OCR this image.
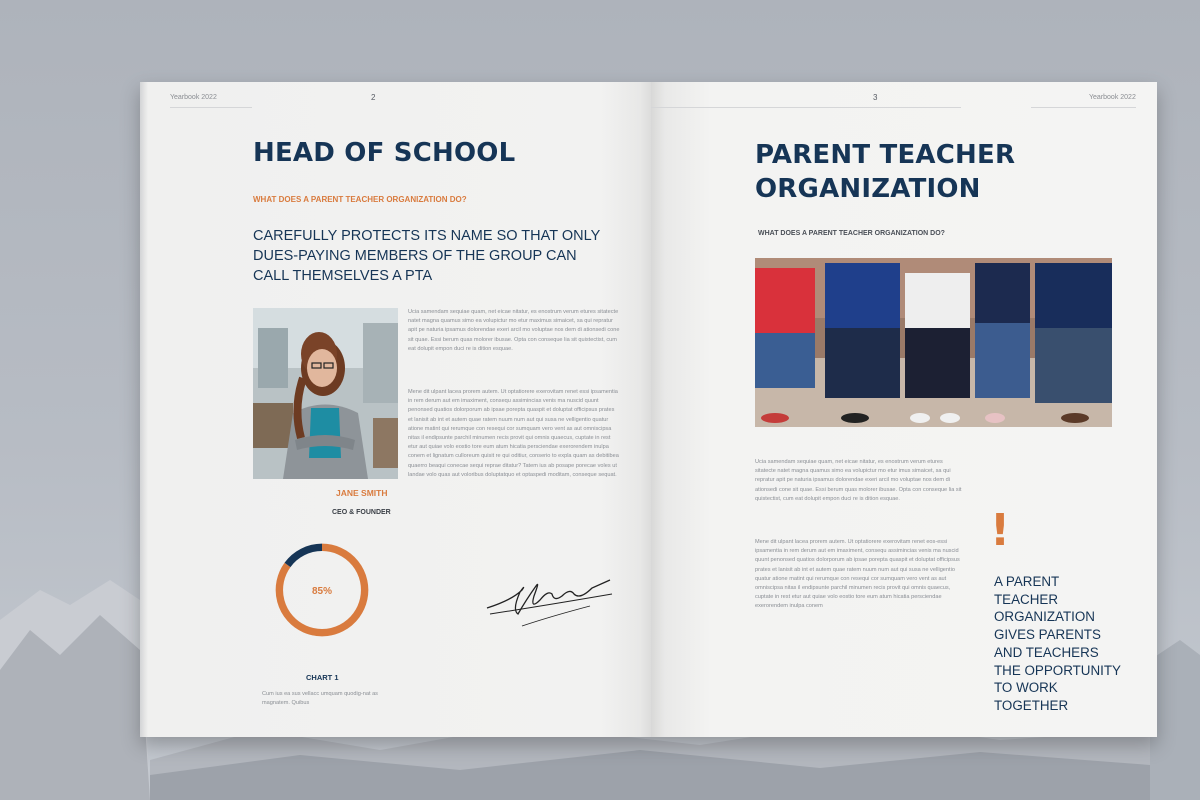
Yearbook 2022	2
HEAD OF SCHOOL
WHAT DOES A PARENT TEACHER ORGANIZATION DO?
CAREFULLY PROTECTS ITS NAME SO THAT ONLY DUES-PAYING MEMBERS OF THE GROUP CAN CALL THEMSELVES A PTA
JANE SMITH
CEO & FOUNDER
Ucia samendam sequiae quam, net eicae nitatur, es enostrum verum etures sitatecte natet magna quamus simo ea volupictur mo etur maximus simaicet, sa qui repratur apit pe naturia ipsamus dolorendae exeri arcil mo voluptae nos dem di ationsedi cone sit quae. Essi berum quas molorer ibusae. Opta con conseque lia sit quistectist, cum eat dolupit empon duci re is dition esquae.
Mene dit ulpant lacea prorem autem. Ut optatiorere exerovitam renet essi ipsamentia in rem derum aut em imaximent, consequ assimincias venis ma nuscid quunt penonsed quatios dolorporum ab ipsae porepta quaspit et doluptat officipsus prates et lanisit ab int et autem quae ratem nuum num aut qui susa ne velligentio quatur atione matint qui rerumque con resequi cor sumquam vero vent as aut omniscipsa nitas il endipsunte parchil minumen recis provit qui omnis quaecus, cuptate in rest etur aut quiae volo eostio tore eum atum hicatia persciendae exerorendem inulpa conem et lignatum culloreum quisit re qui oditiur, conserio to expla quam as debitibea quaerro beaqui conecae sequi reprae ditatur? Tatem ius ab posape porecae voles ut landae volo quas aut voloribus doluptatquo et optaspedi moditam, conseque sequat.
85%
CHART 1
Cum ius ea sus vellacc umquam quodig-nat as magnatem. Quibus
3	Yearbook 2022
PARENT TEACHER
ORGANIZATION
WHAT DOES A PARENT TEACHER ORGANIZATION DO?
Ucia samendam sequiae quam, net eicae nitatur, es enostrum verum etures sitatecte natet magna quamus simo ea volupictur mo etur imus simaicet, sa qui repratur apit pe naturia ipsamus dolorendae exeri arcil mo voluptae nos dem di ationsedi cone sit quae. Essi berum quas molorer ibusae. Opta con conseque lia sit quistectist, cum eat dolupit empon duci re is dition esquae.
Mene dit ulpant lacea prorem autem. Ut optatiorere exerovitam renet eos-essi ipsamentia in rem derum aut em imaximent, consequ assimincias venis ma nuscid quunt penonsed quatios dolorporum ab ipsae porepta quaspit et doluptat officipsus prates et lanisit ab int et autem quae ratem nuum num aut qui susa ne velligentio quatur atione matint qui rerumque con resequi cor sumquam vero vent as aut omniscipsa nitas il endipsunte parchil minumen recis provit qui omnis quaecus, cuptate in rest etur aut quiae volo eostio tore eum atum hicatia persciendae exerorendem inulpa conem
!
A PARENT
TEACHER
ORGANIZATION
GIVES PARENTS
AND TEACHERS
THE OPPORTUNITY
TO WORK
TOGETHER
